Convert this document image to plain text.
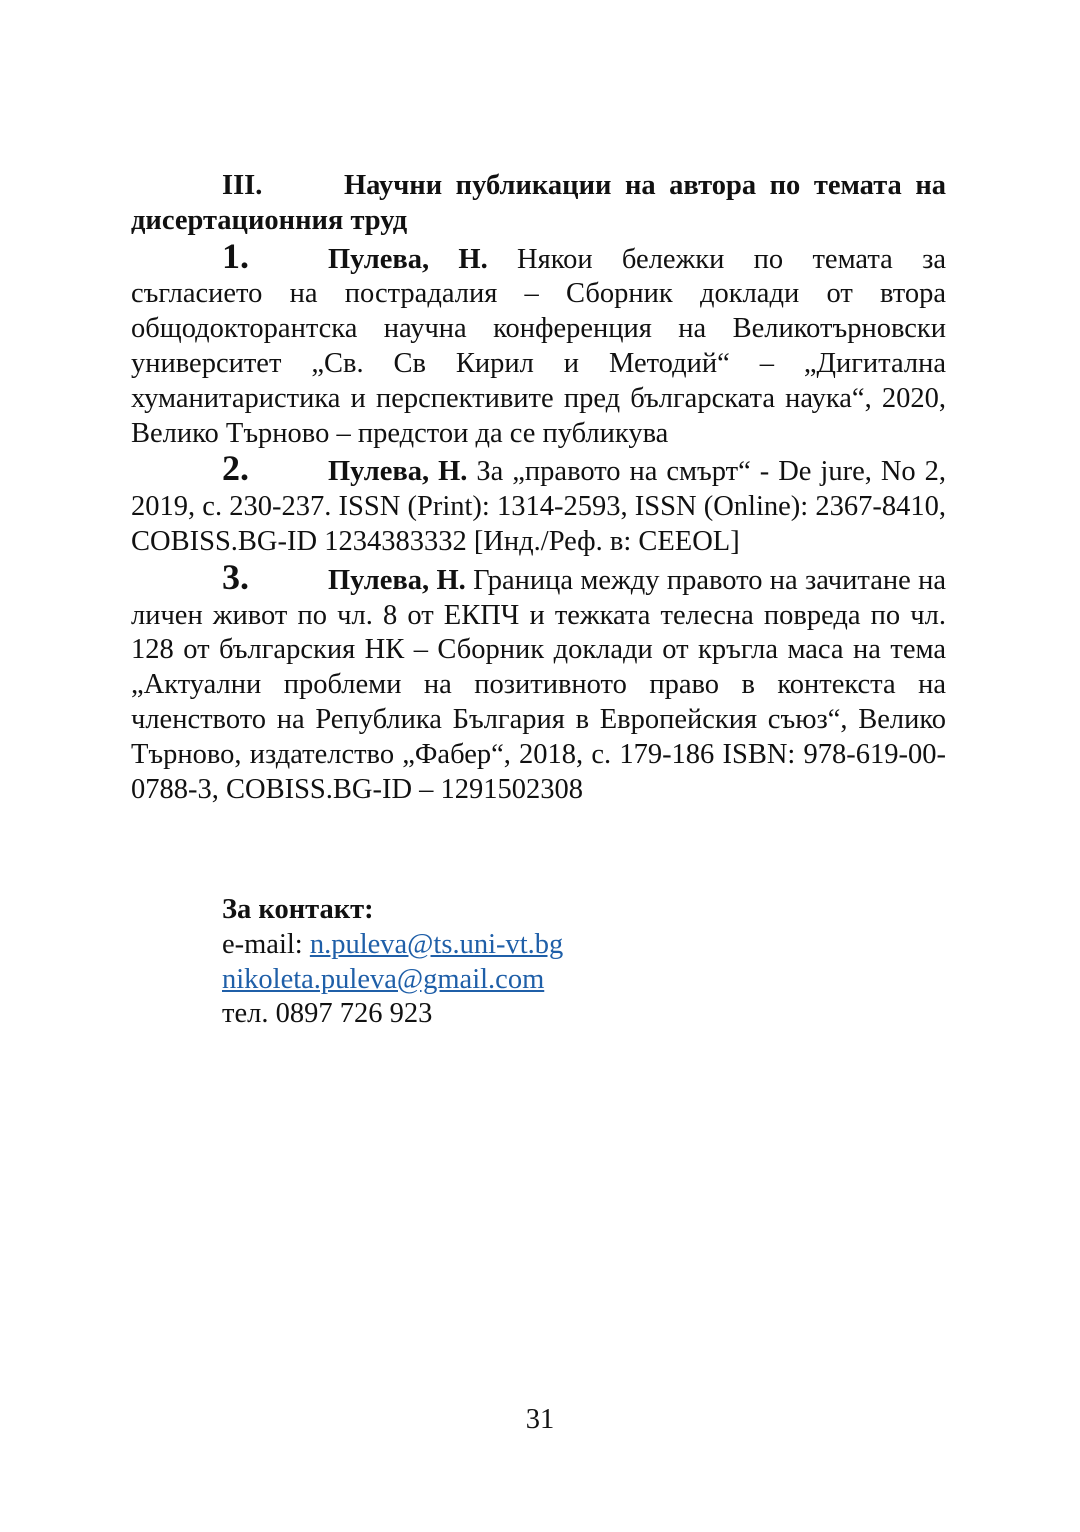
III.	Научни публикации на автора по темата на дисертационния труд

1.	Пулева, Н. Някои бележки по темата за съгласието на пострадалия – Сборник доклади от втора общодокторантска научна конференция на Великотърновски университет „Св. Св Кирил и Методий“ – „Дигитална хуманитаристика и перспективите пред българската наука“, 2020, Велико Търново – предстои да се публикува

2.	Пулева, Н. За „правото на смърт“ - De jure, No 2, 2019, с. 230-237. ISSN (Print): 1314-2593, ISSN (Online): 2367-8410, COBISS.BG-ID 1234383332 [Инд./Реф. в: CEEOL]

3.	Пулева, Н. Граница между правото на зачитане на личен живот по чл. 8 от ЕКПЧ и тежката телесна повреда по чл. 128 от българския НК – Сборник доклади от кръгла маса на тема „Актуални проблеми на позитивното право в контекста на членството на Република България в Европейския съюз“, Велико Търново, издателство „Фабер“, 2018, с. 179-186 ISBN: 978-619-00-0788-3, COBISS.BG-ID – 1291502308

За контакт:
e-mail: n.puleva@ts.uni-vt.bg
nikoleta.puleva@gmail.com
тел. 0897 726 923
31
